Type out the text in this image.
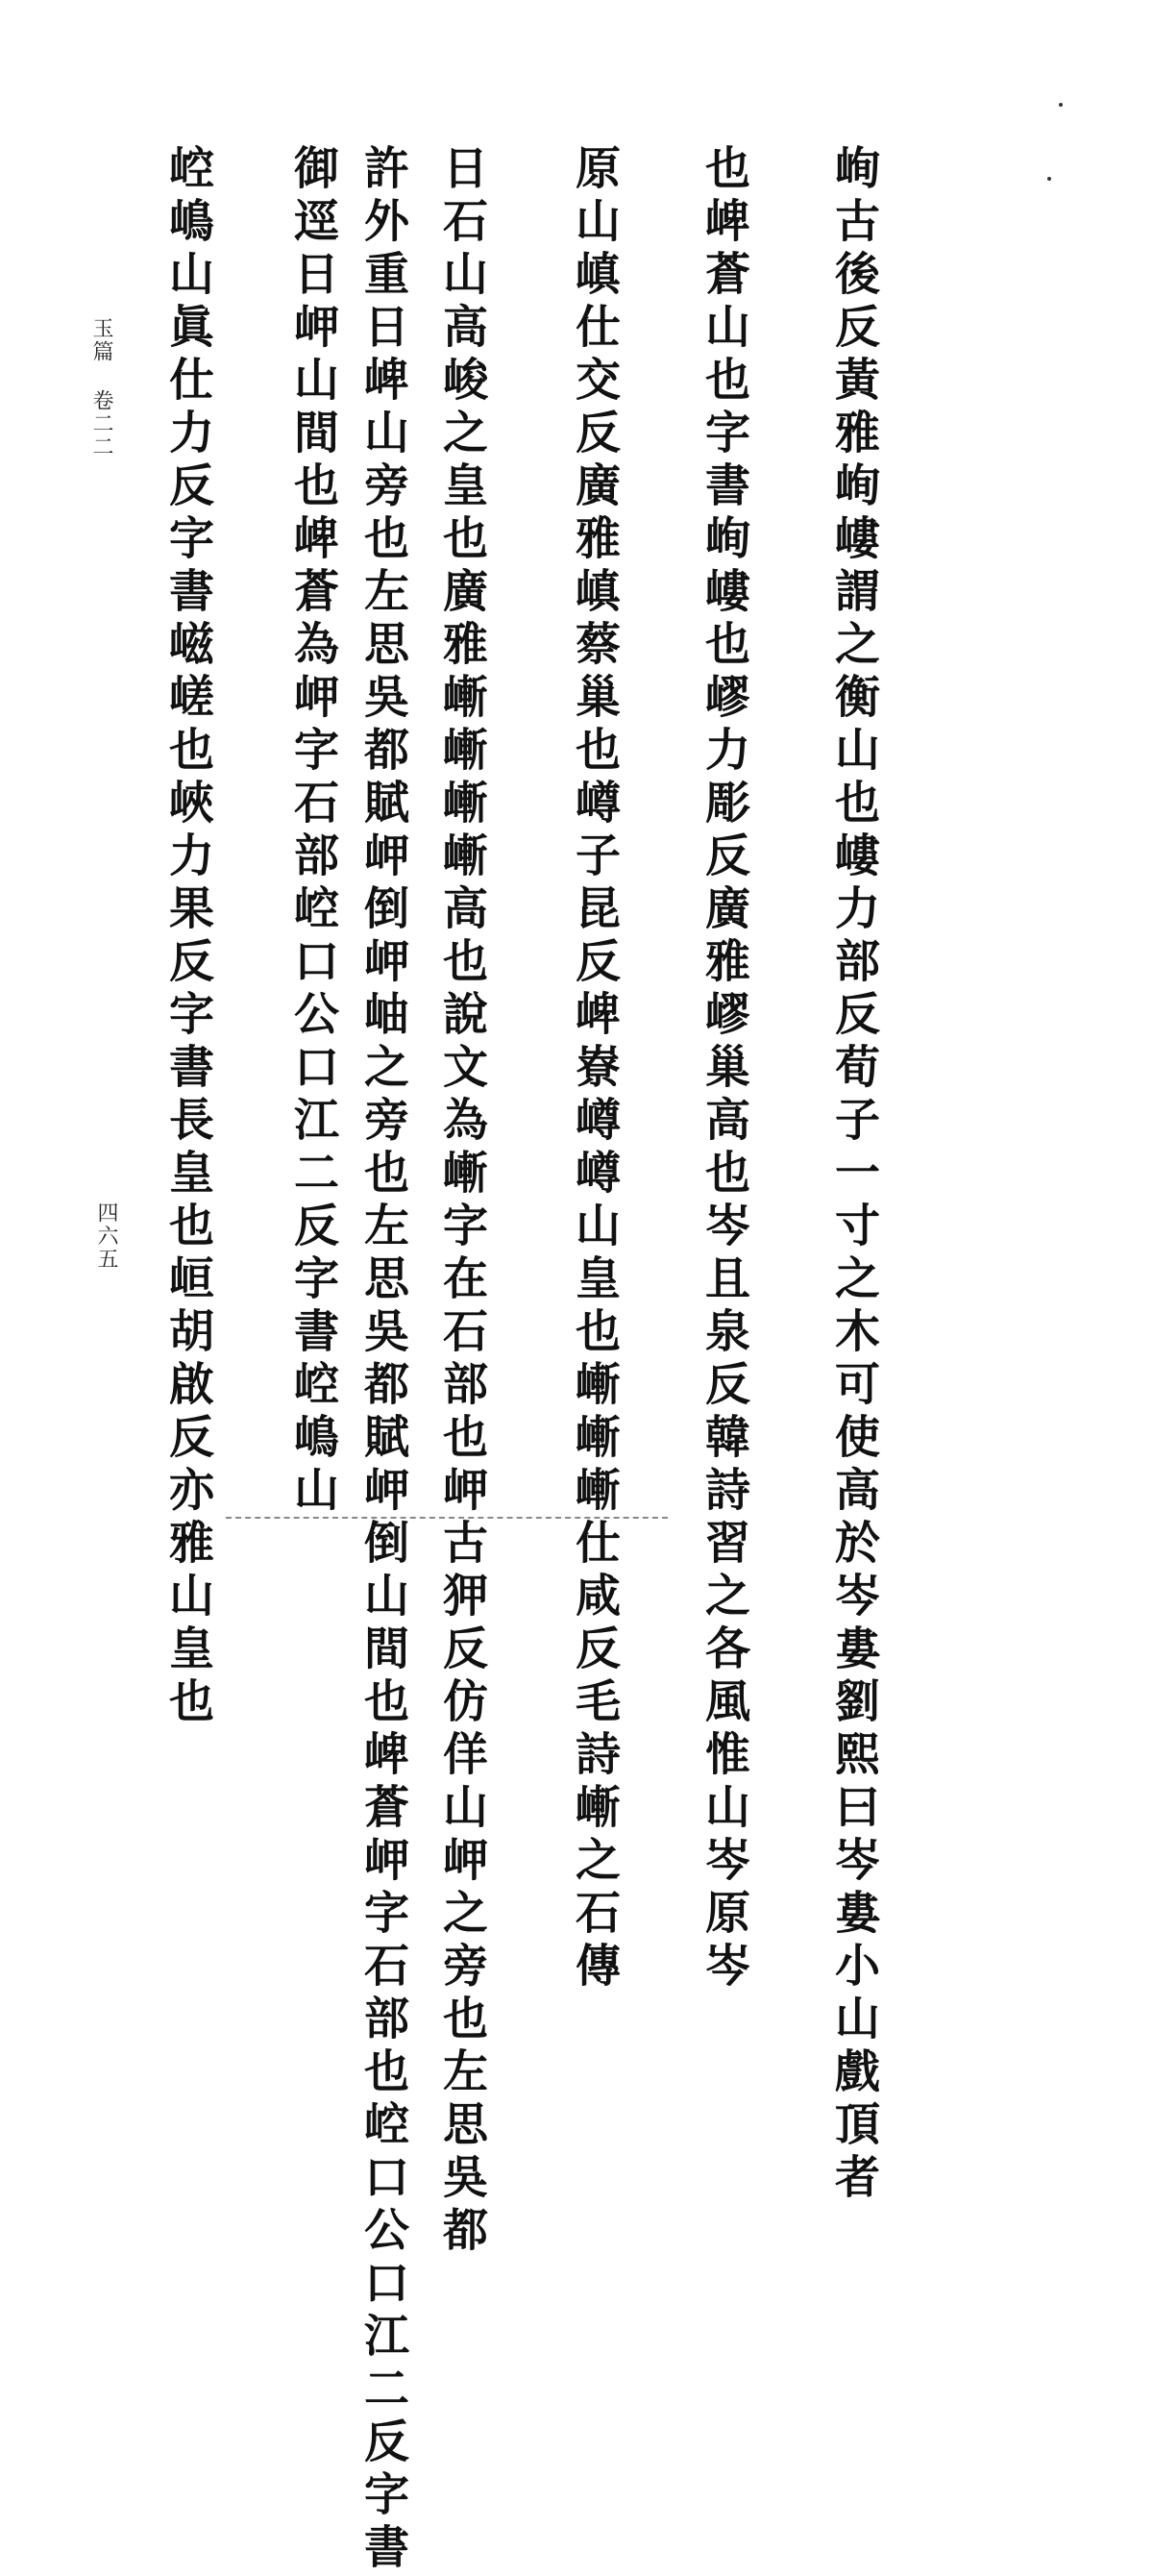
峋古後反黃雅峋嶁謂之衡山也嶁力部反荀子一寸之木可使高於岑婁劉熙曰岑婁小山戲頂者
也崥蒼山也字書峋嶁也嵺力彫反廣雅嵺巢高也岑且泉反韓詩習之各風惟山岑原岑
原山嵮仕交反廣雅嵮蔡巢也嶟子昆反崥嶚嶟嶟山皇也嶃嶃嶃仕咸反毛詩嶃之石傳
日石山高峻之皇也廣雅嶃嶃嶃嶃高也說文為嶃字在石部也岬古狎反仿佯山岬之旁也左思吳都
許外重日崥山旁也左思吳都賦岬倒岬岫之旁也左思吳都賦岬倒山間也崥蒼岬字石部也崆口公口江二反字書
御逕日岬山間也崥蒼為岬字石部崆口公口江二反字書崆嶋山
崆嶋山眞仕力反字書嵫嵯也峽力果反字書長皇也峘胡啟反亦雅山皇也
玉篇 卷二二
四六五
